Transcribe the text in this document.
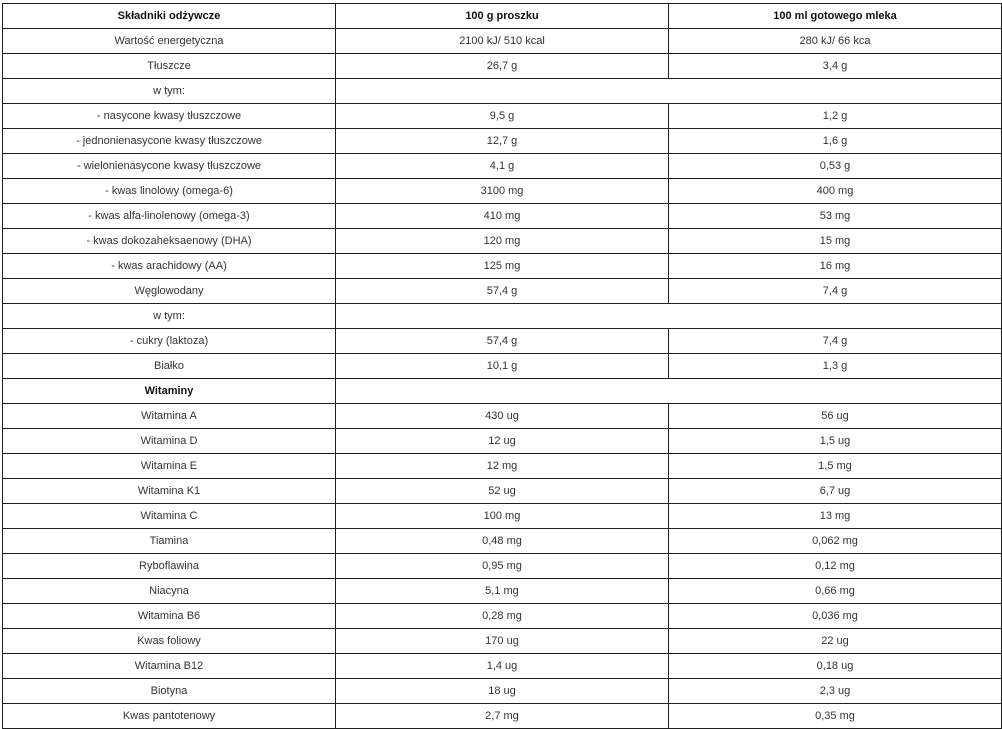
Składniki odżywcze	100 g proszku	100 ml gotowego mleka
Wartość energetyczna	2100 kJ/ 510 kcal	280 kJ/ 66 kca
Tłuszcze	26,7 g	3,4 g
w tym:		
- nasycone kwasy tłuszczowe	9,5 g	1,2 g
- jednonienasycone kwasy tłuszczowe	12,7 g	1,6 g
- wielonienasycone kwasy tłuszczowe	4,1 g	0,53 g
- kwas linolowy (omega-6)	3100 mg	400 mg
- kwas alfa-linolenowy (omega-3)	410 mg	53 mg
- kwas dokozaheksaenowy (DHA)	120 mg	15 mg
- kwas arachidowy (AA)	125 mg	16 mg
Węglowodany	57,4 g	7,4 g
w tym:		
- cukry (laktoza)	57,4 g	7,4 g
Białko	10,1 g	1,3 g
Witaminy		
Witamina A	430 ug	56 ug
Witamina D	12 ug	1,5 ug
Witamina E	12 mg	1,5 mg
Witamina K1	52 ug	6,7 ug
Witamina C	100 mg	13 mg
Tiamina	0,48 mg	0,062 mg
Ryboflawina	0,95 mg	0,12 mg
Niacyna	5,1 mg	0,66 mg
Witamina B6	0,28 mg	0,036 mg
Kwas foliowy	170 ug	22 ug
Witamina B12	1,4 ug	0,18 ug
Biotyna	18 ug	2,3 ug
Kwas pantotenowy	2,7 mg	0,35 mg
